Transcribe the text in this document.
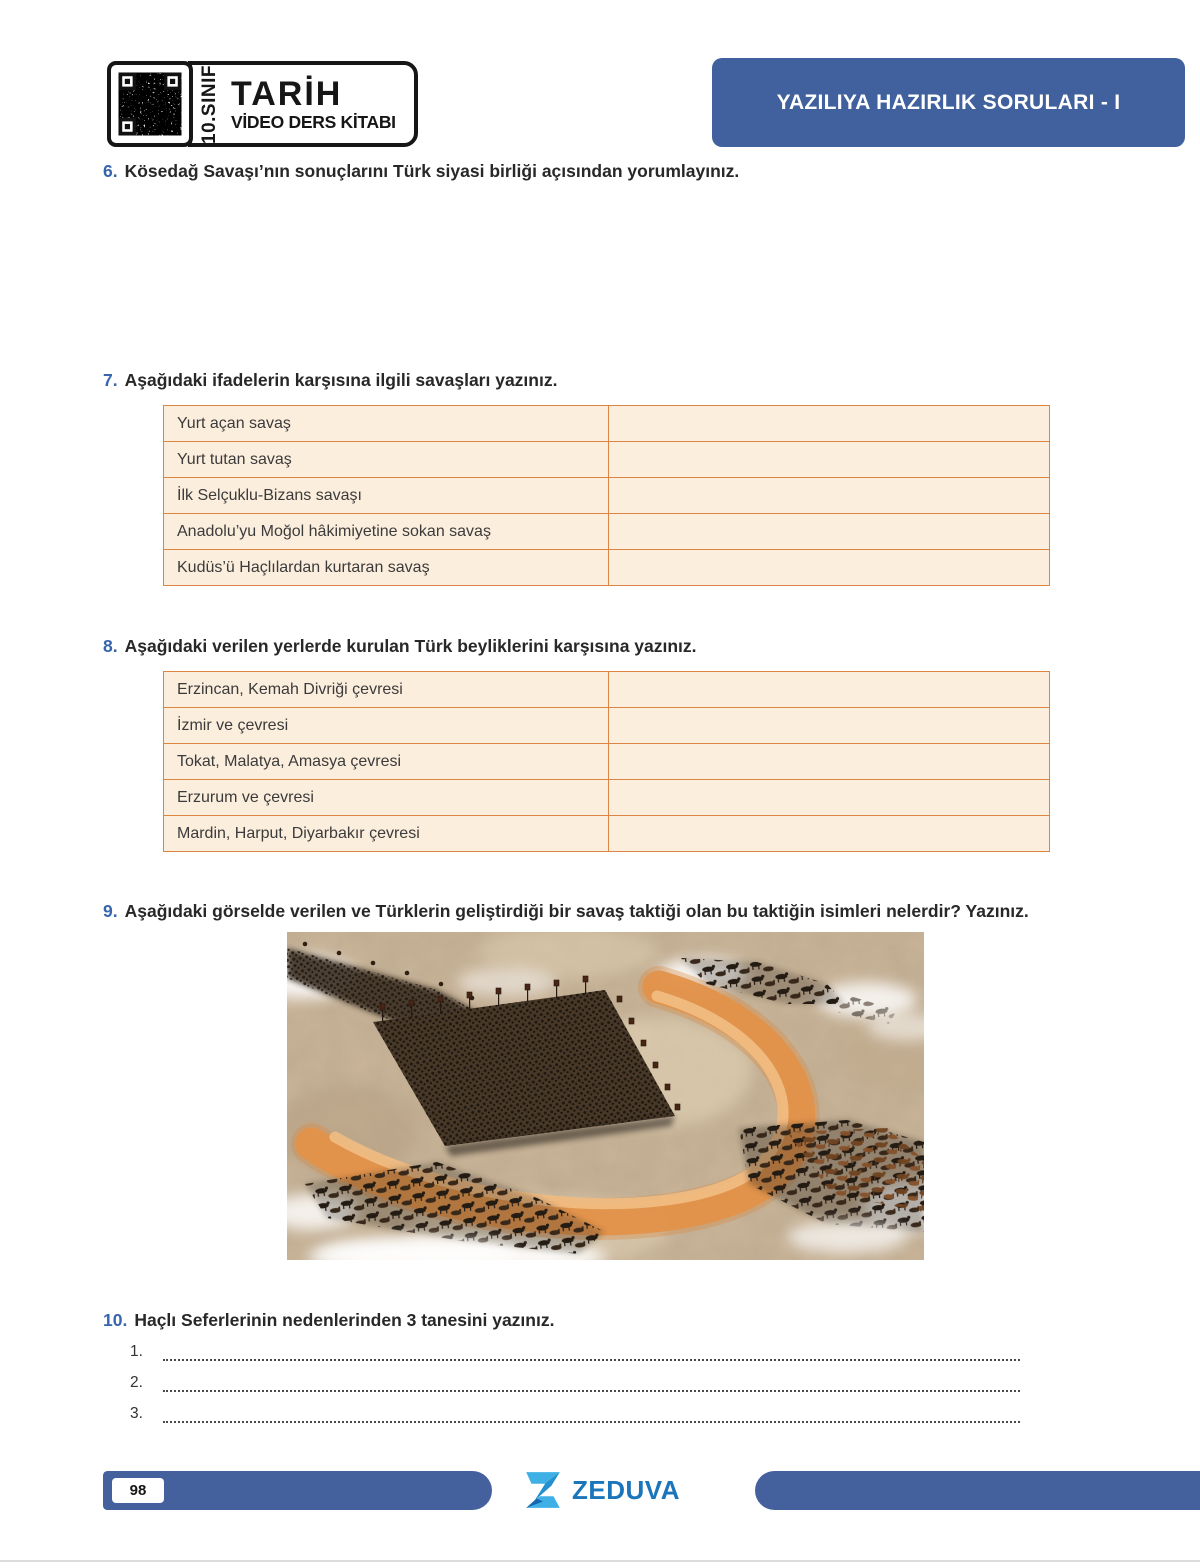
10.SINIF TARİH
VİDEO DERS KİTABI
YAZILIYA HAZIRLIK SORULARI - I
6. Kösedağ Savaşı’nın sonuçlarını Türk siyasi birliği açısından yorumlayınız.
7. Aşağıdaki ifadelerin karşısına ilgili savaşları yazınız.
Yurt açan savaş
Yurt tutan savaş
İlk Selçuklu-Bizans savaşı
Anadolu’yu Moğol hâkimiyetine sokan savaş
Kudüs’ü Haçlılardan kurtaran savaş
8. Aşağıdaki verilen yerlerde kurulan Türk beyliklerini karşısına yazınız.
Erzincan, Kemah Divriği çevresi
İzmir ve çevresi
Tokat, Malatya, Amasya çevresi
Erzurum ve çevresi
Mardin, Harput, Diyarbakır çevresi
9. Aşağıdaki görselde verilen ve Türklerin geliştirdiği bir savaş taktiği olan bu taktiğin isimleri nelerdir? Yazınız.
10. Haçlı Seferlerinin nedenlerinden 3 tanesini yazınız.
1.
2.
3.
98	ZEDUVA
